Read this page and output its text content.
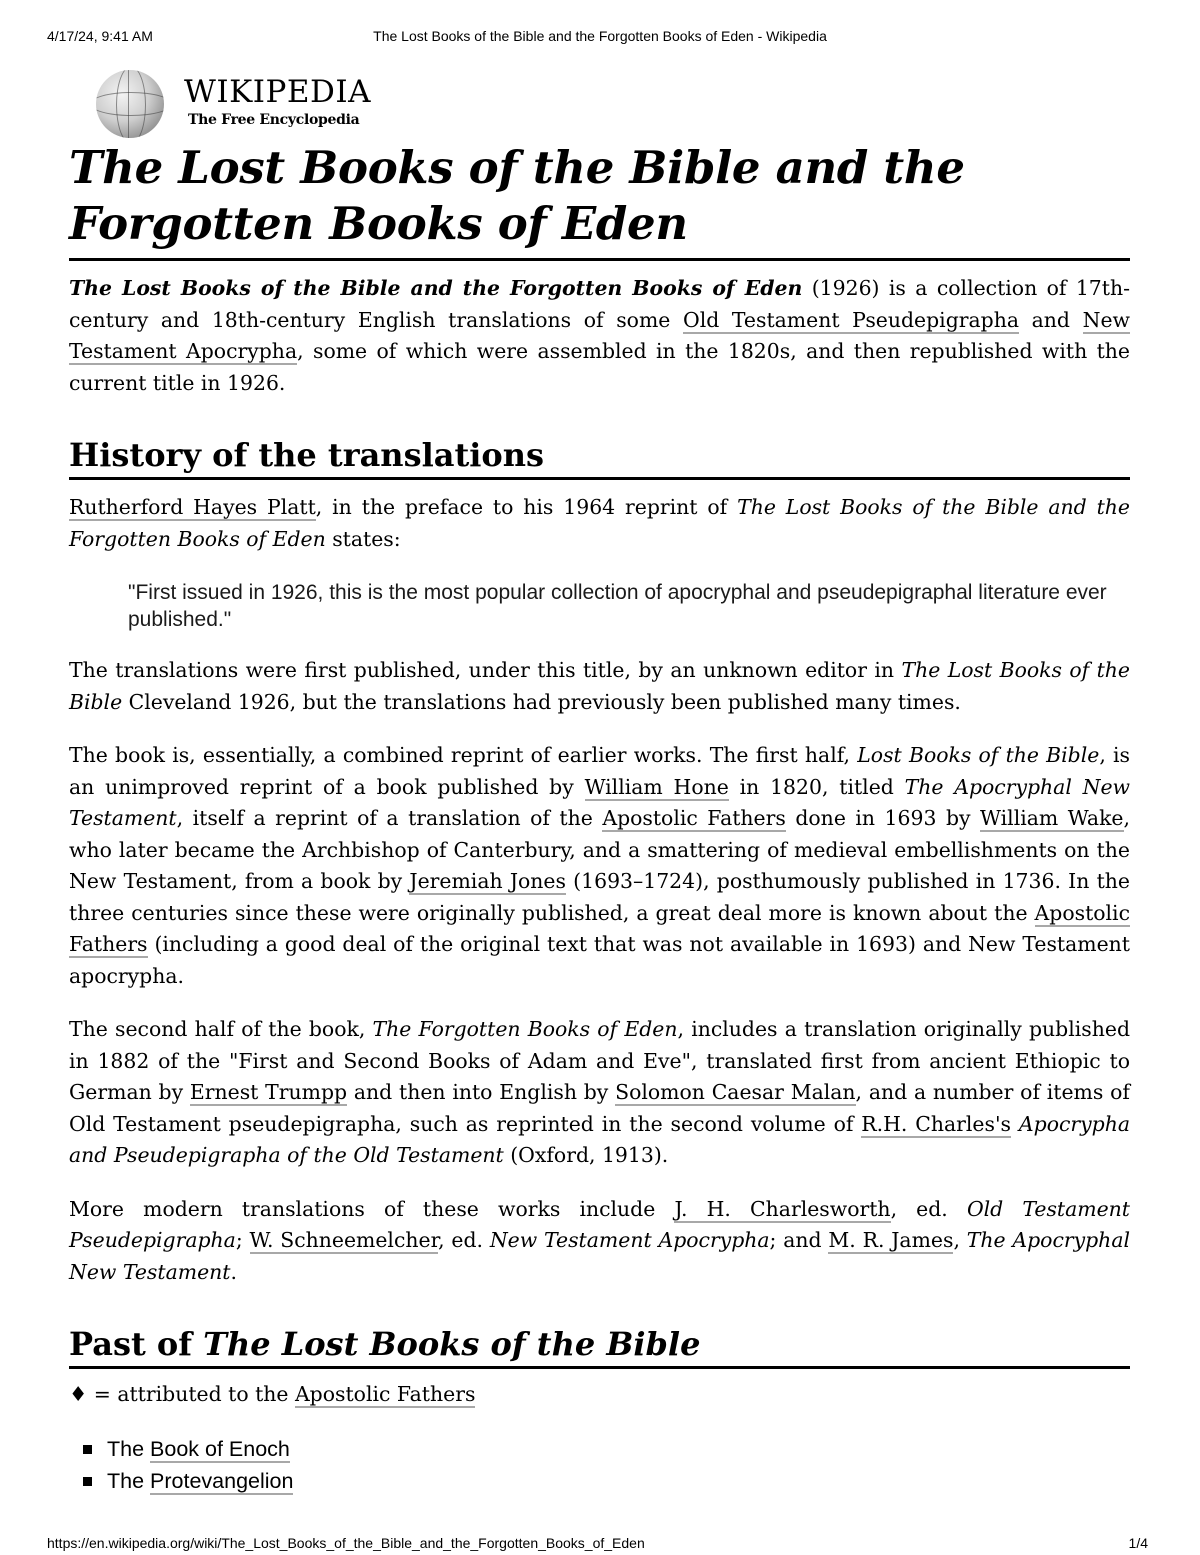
4/17/24, 9:41 AM	The Lost Books of the Bible and the Forgotten Books of Eden - Wikipedia
WIKIPEDIA
The Free Encyclopedia
The Lost Books of the Bible and the Forgotten Books of Eden

The Lost Books of the Bible and the Forgotten Books of Eden (1926) is a collection of 17th-century and 18th-century English translations of some Old Testament Pseudepigrapha and New Testament Apocrypha, some of which were assembled in the 1820s, and then republished with the current title in 1926.

History of the translations

Rutherford Hayes Platt, in the preface to his 1964 reprint of The Lost Books of the Bible and the Forgotten Books of Eden states:

"First issued in 1926, this is the most popular collection of apocryphal and pseudepigraphal literature ever published."

The translations were first published, under this title, by an unknown editor in The Lost Books of the Bible Cleveland 1926, but the translations had previously been published many times.

The book is, essentially, a combined reprint of earlier works. The first half, Lost Books of the Bible, is an unimproved reprint of a book published by William Hone in 1820, titled The Apocryphal New Testament, itself a reprint of a translation of the Apostolic Fathers done in 1693 by William Wake, who later became the Archbishop of Canterbury, and a smattering of medieval embellishments on the New Testament, from a book by Jeremiah Jones (1693–1724), posthumously published in 1736. In the three centuries since these were originally published, a great deal more is known about the Apostolic Fathers (including a good deal of the original text that was not available in 1693) and New Testament apocrypha.

The second half of the book, The Forgotten Books of Eden, includes a translation originally published in 1882 of the "First and Second Books of Adam and Eve", translated first from ancient Ethiopic to German by Ernest Trumpp and then into English by Solomon Caesar Malan, and a number of items of Old Testament pseudepigrapha, such as reprinted in the second volume of R.H. Charles's Apocrypha and Pseudepigrapha of the Old Testament (Oxford, 1913).

More modern translations of these works include J. H. Charlesworth, ed. Old Testament Pseudepigrapha; W. Schneemelcher, ed. New Testament Apocrypha; and M. R. James, The Apocryphal New Testament.

Past of The Lost Books of the Bible

♦ = attributed to the Apostolic Fathers

The Book of Enoch
The Protevangelion
https://en.wikipedia.org/wiki/The_Lost_Books_of_the_Bible_and_the_Forgotten_Books_of_Eden	1/4
